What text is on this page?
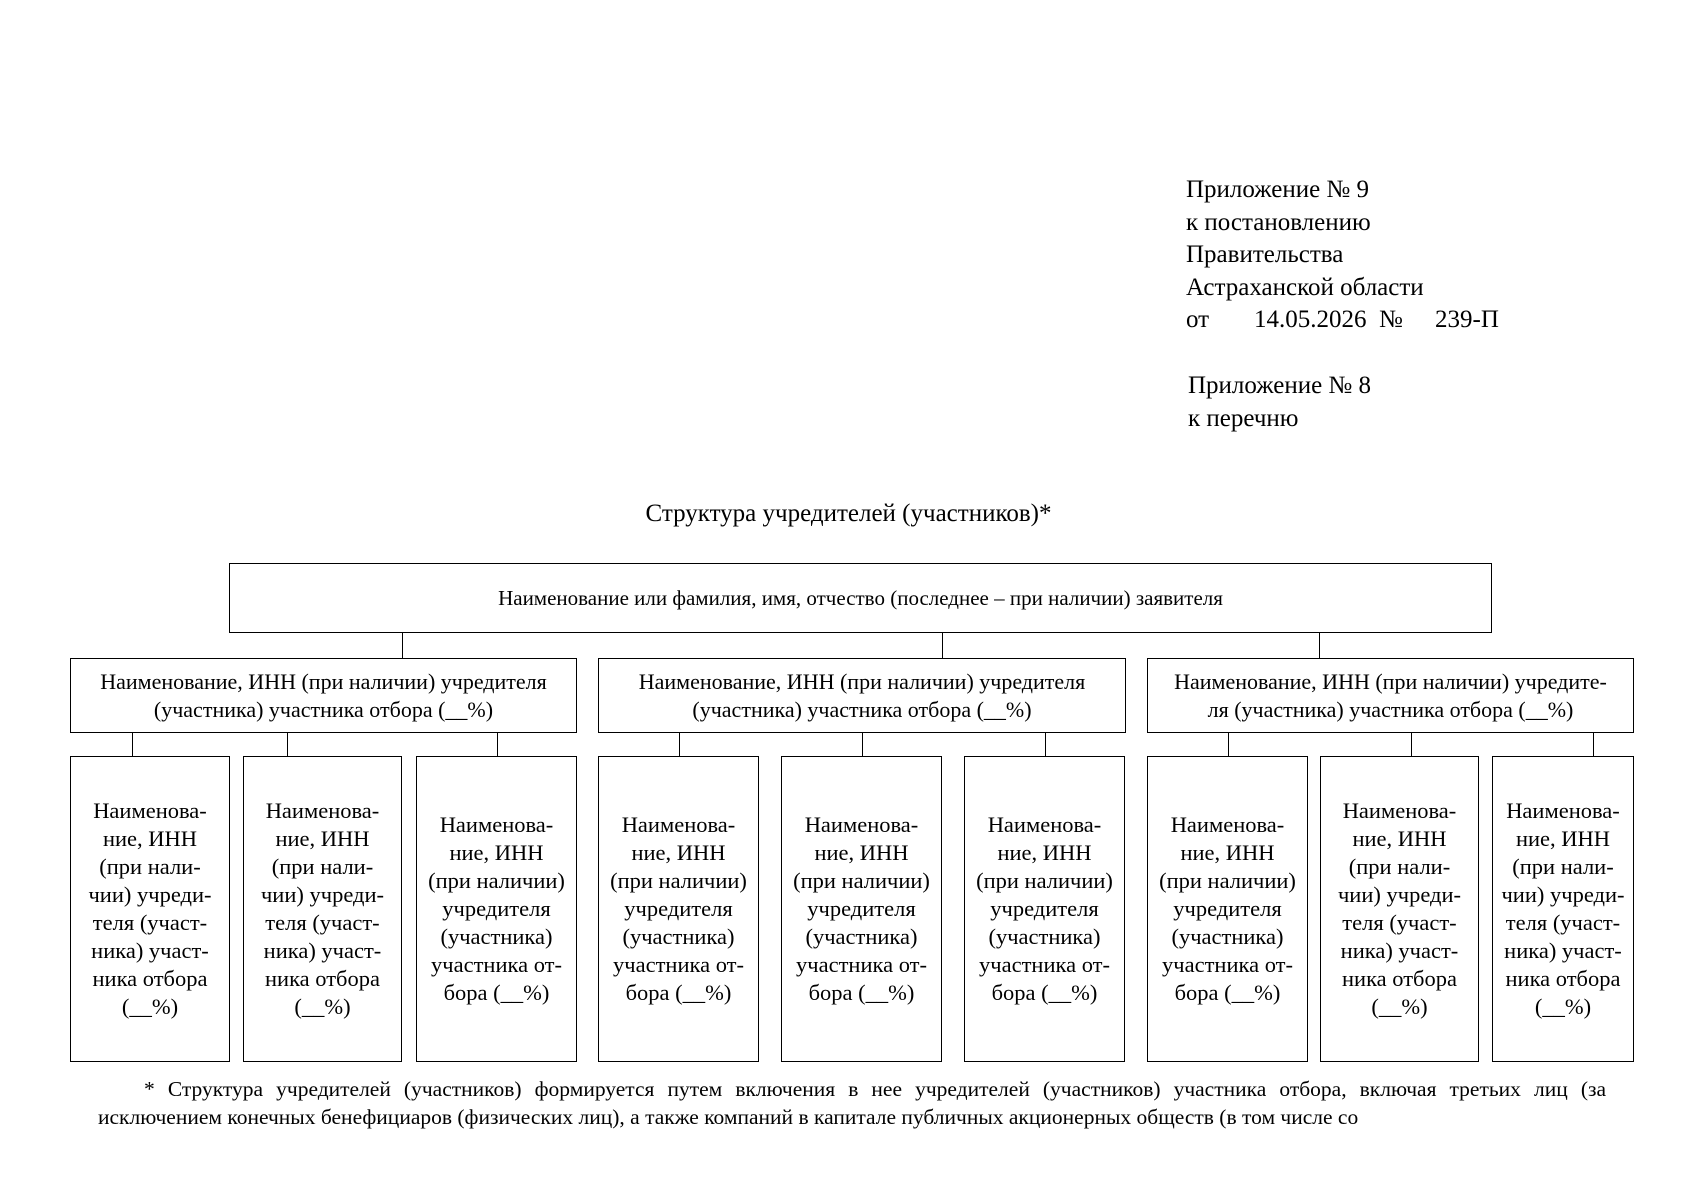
Приложение № 9
к постановлению
Правительства
Астраханской области
от 14.05.2026 № 239-П
Приложение № 8
к перечню
Структура учредителей (участников)*
Наименование или фамилия, имя, отчество (последнее – при наличии) заявителя
Наименование, ИНН (при наличии) учредителя
(участника) участника отбора (__%)
Наименование, ИНН (при наличии) учредителя
(участника) участника отбора (__%)
Наименование, ИНН (при наличии) учредите-
ля (участника) участника отбора (__%)
Наименова-
ние, ИНН
(при нали-
чии) учреди-
теля (участ-
ника) участ-
ника отбора
(__%)
Наименова-
ние, ИНН
(при нали-
чии) учреди-
теля (участ-
ника) участ-
ника отбора
(__%)
Наименова-
ние, ИНН
(при наличии)
учредителя
(участника)
участника от-
бора (__%)
Наименова-
ние, ИНН
(при наличии)
учредителя
(участника)
участника от-
бора (__%)
Наименова-
ние, ИНН
(при наличии)
учредителя
(участника)
участника от-
бора (__%)
Наименова-
ние, ИНН
(при наличии)
учредителя
(участника)
участника от-
бора (__%)
Наименова-
ние, ИНН
(при наличии)
учредителя
(участника)
участника от-
бора (__%)
Наименова-
ние, ИНН
(при нали-
чии) учреди-
теля (участ-
ника) участ-
ника отбора
(__%)
Наименова-
ние, ИНН
(при нали-
чии) учреди-
теля (участ-
ника) участ-
ника отбора
(__%)
* Структура учредителей (участников) формируется путем включения в нее учредителей (участников) участника отбора, включая третьих лиц (за исключением конечных бенефициаров (физических лиц), а также компаний в капитале публичных акционерных обществ (в том числе со
